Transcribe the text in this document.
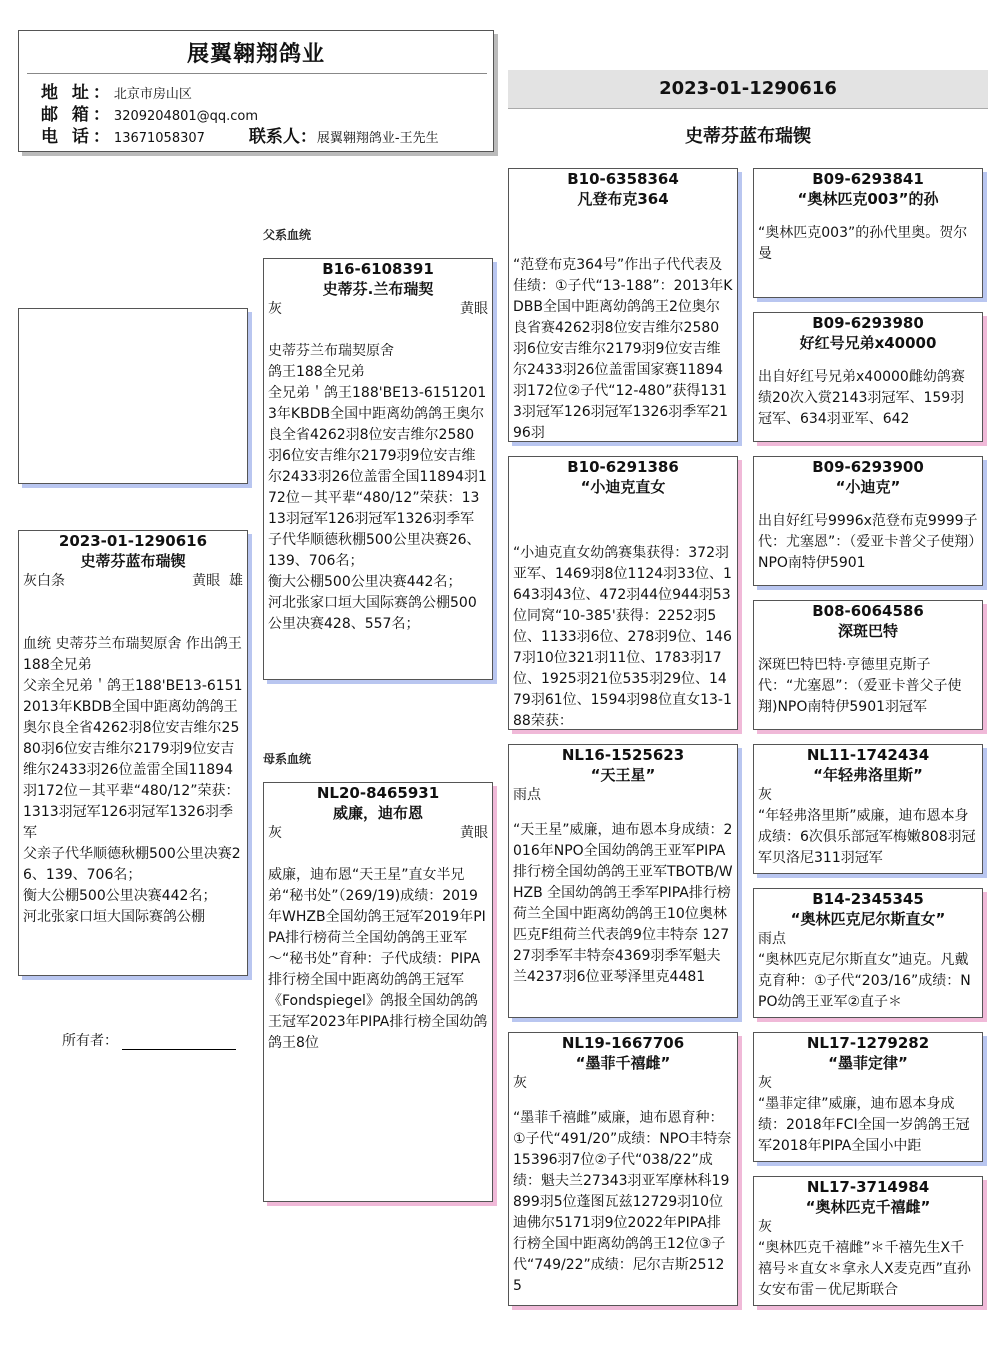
展翼翱翔鸽业
地 址：北京市房山区
邮 箱：3209204801@qq.com
电 话：13671058307	联系人：展翼翱翔鸽业-王先生
2023-01-1290616
史蒂芬蓝布瑞锲
2023-01-1290616
史蒂芬蓝布瑞锲
灰白条	黄眼 雄
血统 史蒂芬兰布瑞契原舍 作出鸽王188全兄弟
父亲全兄弟＇鸽王188'BE13-61512013年KBDB全国中距离幼鸽鸽王奥尔良全省4262羽8位安吉维尔2580羽6位安吉维尔2179羽9位安吉维尔2433羽26位盖雷全国11894羽172位－其平辈“480/12”荣获：1313羽冠军126羽冠军1326羽季军
父亲子代华顺德秋棚500公里决赛26、139、706名；
衡大公棚500公里决赛442名；
河北张家口垣大国际赛鸽公棚
所有者：
父系血统
B16-6108391
史蒂芬.兰布瑞契
灰	黄眼
史蒂芬兰布瑞契原舍
鸽王188全兄弟
全兄弟＇鸽王188'BE13-61512013年KBDB全国中距离幼鸽鸽王奥尔良全省4262羽8位安吉维尔2580羽6位安吉维尔2179羽9位安吉维尔2433羽26位盖雷全国11894羽172位－其平辈“480/12”荣获：1313羽冠军126羽冠军1326羽季军
子代华顺德秋棚500公里决赛26、139、706名；
衡大公棚500公里决赛442名；
河北张家口垣大国际赛鸽公棚500公里决赛428、557名；
母系血统
NL20-8465931
威廉，迪布恩
灰	黄眼
威廉，迪布恩“天王星”直女半兄弟“秘书处”（269/19)成绩：2019年WHZB全国幼鸽王冠军2019年PIPA排行榜荷兰全国幼鸽鸽王亚军～“秘书处”育种：子代成绩：PIPA排行榜全国中距离幼鸽鸽王冠军
《Fondspiegel》鸽报全国幼鸽鸽王冠军2023年PIPA排行榜全国幼鸽鸽王8位
B10-6358364
凡登布克364
“范登布克364号”作出子代代表及佳绩：①子代“13-188”：2013年KDBB全国中距离幼鸽鸽王2位奥尔良省赛4262羽8位安吉维尔2580羽6位安吉维尔2179羽9位安吉维尔2433羽26位盖雷国家赛11894羽172位②子代“12-480”获得1313羽冠军126羽冠军1326羽季军2196羽
B10-6291386
“小迪克直女
“小迪克直女幼鸽赛集获得：372羽亚军、1469羽8位1124羽33位、1643羽43位、472羽44位944羽53位同窝“10-385'获得：2252羽5位、1133羽6位、278羽9位、1467羽10位321羽11位、1783羽17位、1925羽21位535羽29位、1479羽61位、1594羽98位直女13-188荣获：
NL16-1525623
“天王星”
雨点
“天王星”威廉，迪布恩本身成绩：2016年NPO全国幼鸽鸽王亚军PIPA排行榜全国幼鸽鸽王亚军TBOTB/WHZB 全国幼鸽鸽王季军PIPA排行榜荷兰全国中距离幼鸽鸽王10位奥林匹克F组荷兰代表鸽9位丰特奈 12727羽季军丰特奈4369羽季军魁夫兰4237羽6位亚琴泽里克4481
NL19-1667706
“墨菲千禧雌”
灰
“墨菲千禧雌”威廉，迪布恩育种：①子代“491/20”成绩：NPO丰特奈 15396羽7位②子代“038/22”成绩：魁夫兰27343羽亚军摩林科19899羽5位蓬图瓦兹12729羽10位迪佛尔5171羽9位2022年PIPA排行榜全国中距离幼鸽鸽王12位③子代“749/22”成绩：尼尔吉斯25125
B09-6293841
“奥林匹克003”的孙
“奥林匹克003”的孙代里奥。贺尔曼
B09-6293980
好红号兄弟x40000
出自好红号兄弟x40000雌幼鸽赛绩20次入赏2143羽冠军、159羽冠军、634羽亚军、642
B09-6293900
“小迪克”
出自好红号9996x范登布克9999子代：尤塞恩”：（爱亚卡普父子使翔）NPO南特伊5901
B08-6064586
深斑巴特
深斑巴特巴特·亨德里克斯子代：“尤塞恩”：（爱亚卡普父子使翔)NPO南特伊5901羽冠军
NL11-1742434
“年轻弗洛里斯”
灰
“年轻弗洛里斯”威廉，迪布恩本身成绩：6次俱乐部冠军梅嫩808羽冠军贝洛尼311羽冠军
B14-2345345
“奥林匹克尼尔斯直女”
雨点
“奥林匹克尼尔斯直女”迪克。凡戴克育种：①子代“203/16”成绩：NPO幼鸽王亚军②直子＊
NL17-1279282
“墨菲定律”
灰
“墨菲定律”威廉，迪布恩本身成绩：2018年FCI全国一岁鸽鸽王冠军2018年PIPA全国小中距
NL17-3714984
“奥林匹克千禧雌”
灰
“奥林匹克千禧雌”＊千禧先生X千禧号＊直女＊拿永人X麦克西”直孙女安布雷－优尼斯联合
